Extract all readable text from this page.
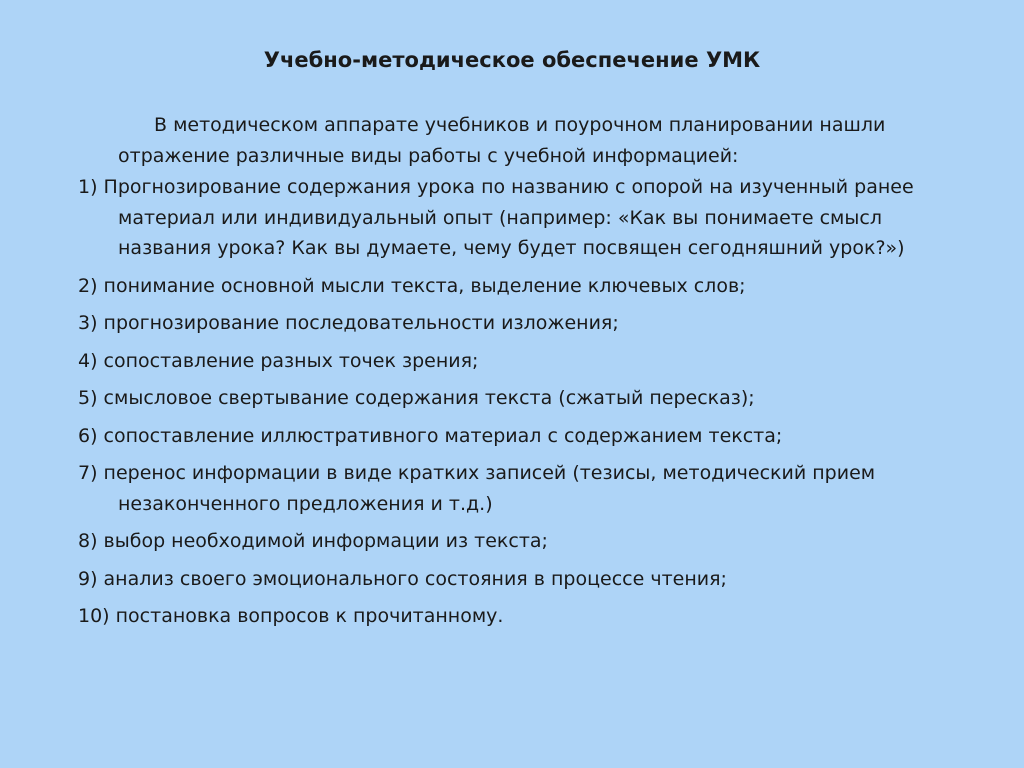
Учебно-методическое обеспечение УМК

В методическом аппарате учебников и поурочном планировании нашли отражение различные виды работы с учебной информацией:

1) Прогнозирование содержания урока по названию с опорой на изученный ранее материал или индивидуальный опыт (например: «Как вы понимаете смысл названия урока? Как вы думаете, чему будет посвящен сегодняшний урок?»)

2) понимание основной мысли текста, выделение ключевых слов;

3) прогнозирование последовательности изложения;

4) сопоставление разных точек зрения;

5) смысловое свертывание содержания текста (сжатый пересказ);

6) сопоставление иллюстративного материал с содержанием текста;

7) перенос информации в виде кратких записей (тезисы, методический прием незаконченного предложения и т.д.)

8) выбор необходимой информации из текста;

9) анализ своего эмоционального состояния в процессе чтения;

10) постановка вопросов к прочитанному.
